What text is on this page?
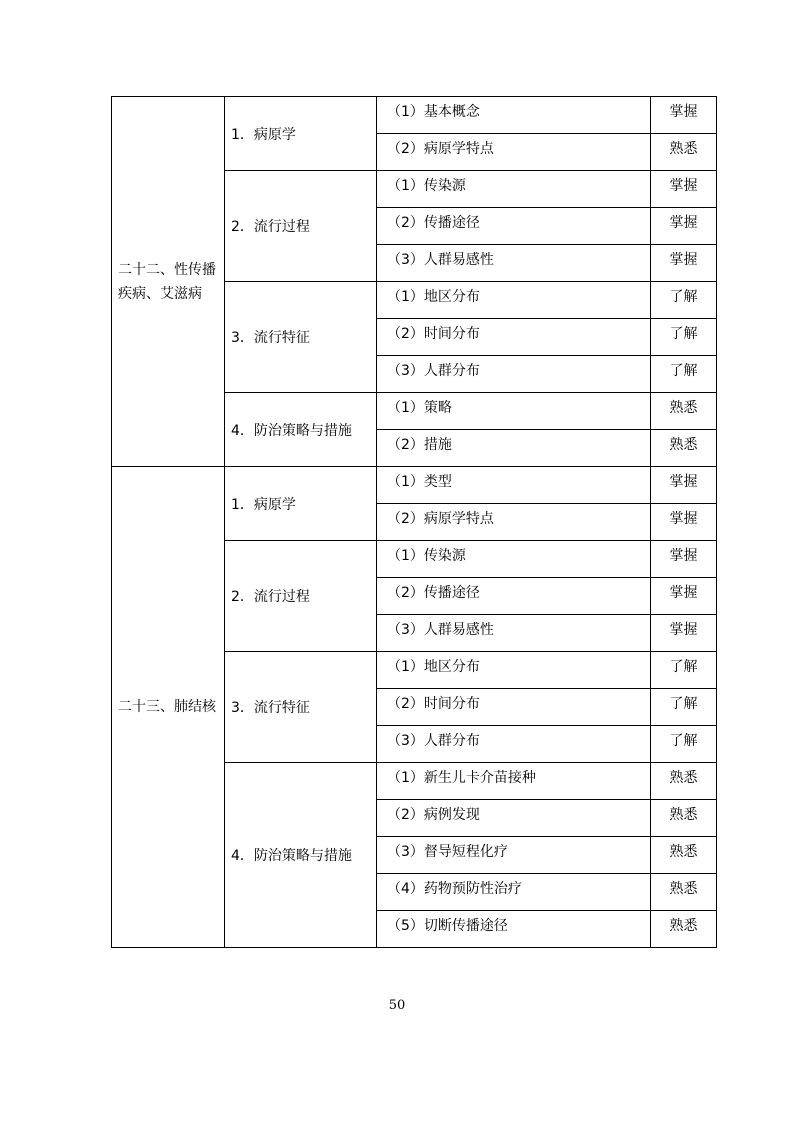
二十二、性传播疾病、艾滋病	1．病原学	（1）基本概念	掌握
		（2）病原学特点	熟悉
	2．流行过程	（1）传染源	掌握
		（2）传播途径	掌握
		（3）人群易感性	掌握
	3．流行特征	（1）地区分布	了解
		（2）时间分布	了解
		（3）人群分布	了解
	4．防治策略与措施	（1）策略	熟悉
		（2）措施	熟悉
二十三、肺结核	1．病原学	（1）类型	掌握
		（2）病原学特点	掌握
	2．流行过程	（1）传染源	掌握
		（2）传播途径	掌握
		（3）人群易感性	掌握
	3．流行特征	（1）地区分布	了解
		（2）时间分布	了解
		（3）人群分布	了解
	4．防治策略与措施	（1）新生儿卡介苗接种	熟悉
		（2）病例发现	熟悉
		（3）督导短程化疗	熟悉
		（4）药物预防性治疗	熟悉
		（5）切断传播途径	熟悉
50
